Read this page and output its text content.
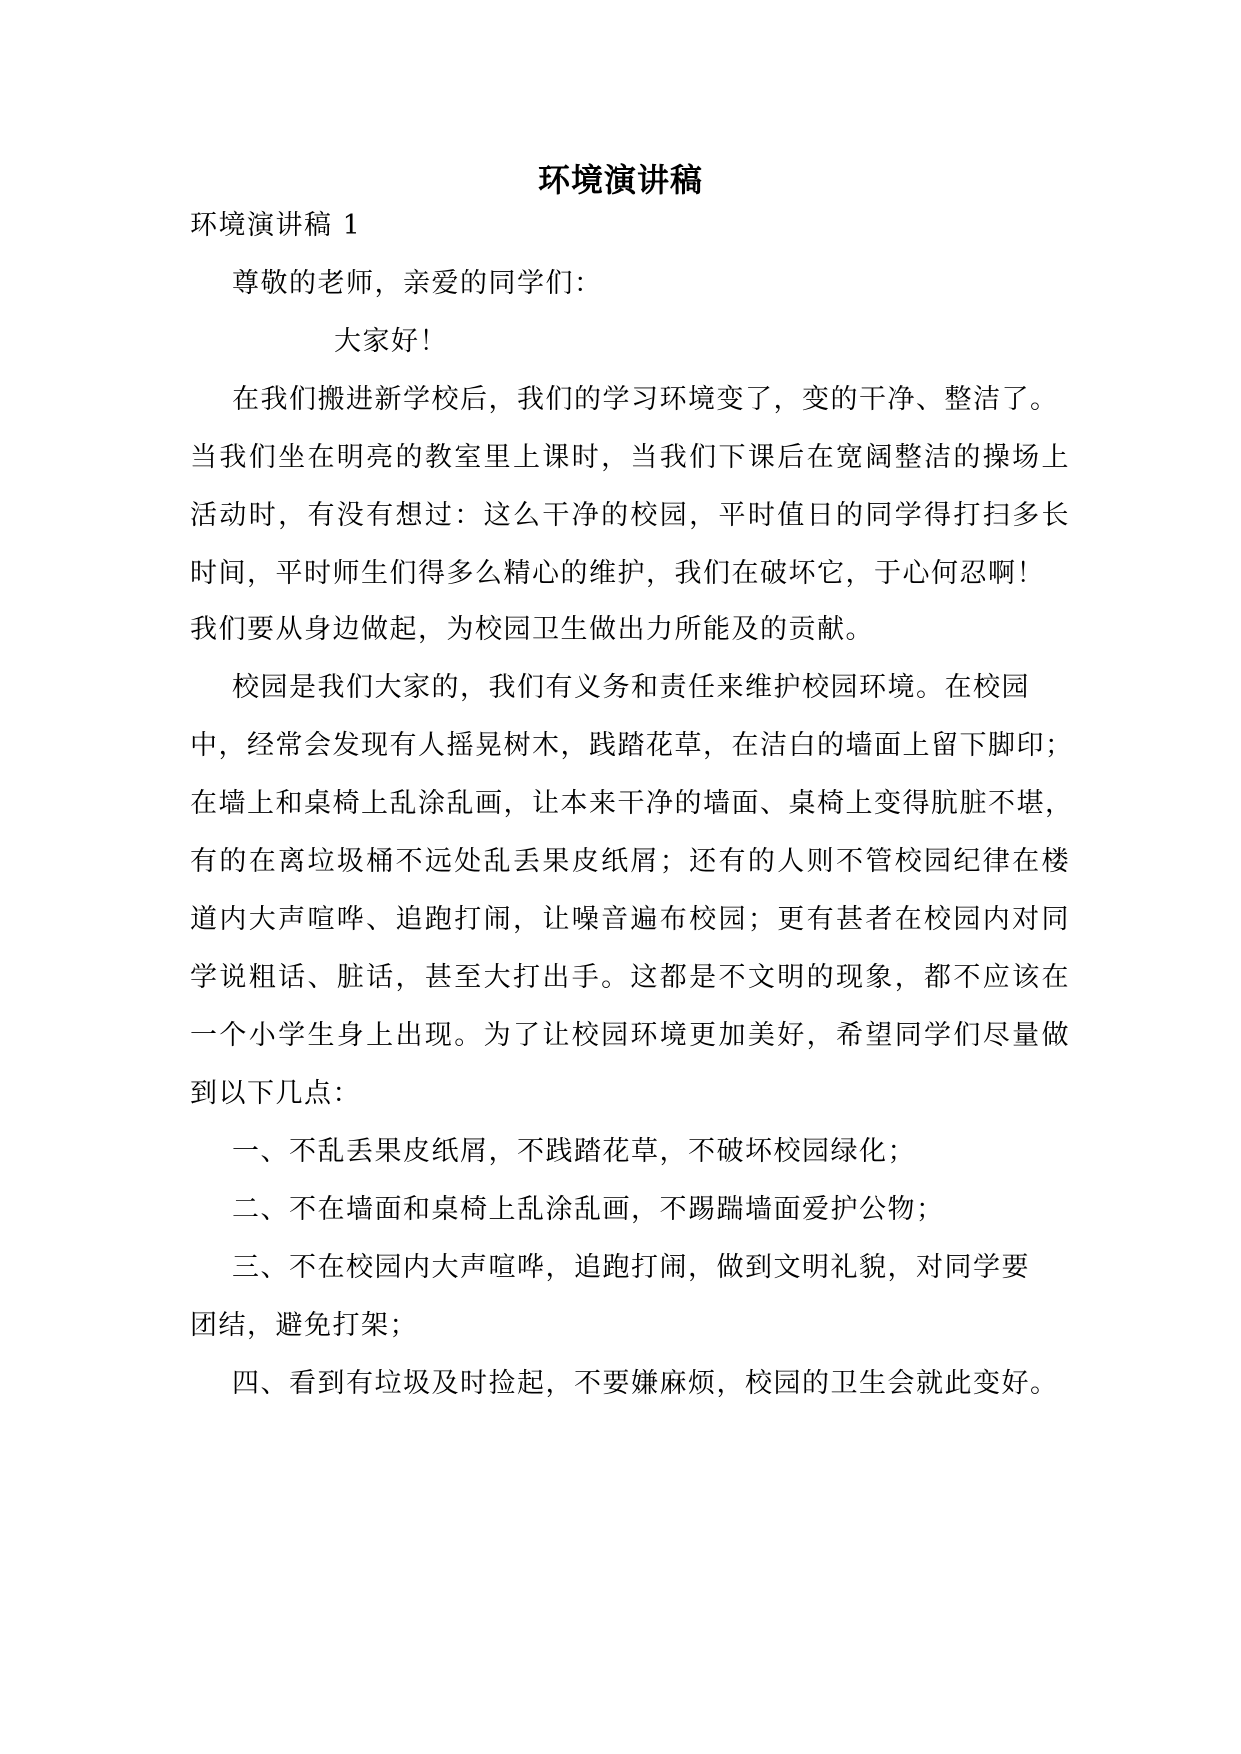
环境演讲稿
环境演讲稿 1
尊敬的老师，亲爱的同学们：
大家好！
在我们搬进新学校后，我们的学习环境变了，变的干净、整洁了。
当我们坐在明亮的教室里上课时，当我们下课后在宽阔整洁的操场上
活动时，有没有想过：这么干净的校园，平时值日的同学得打扫多长
时间，平时师生们得多么精心的维护，我们在破坏它，于心何忍啊！
我们要从身边做起，为校园卫生做出力所能及的贡献。
校园是我们大家的，我们有义务和责任来维护校园环境。在校园
中，经常会发现有人摇晃树木，践踏花草，在洁白的墙面上留下脚印；
在墙上和桌椅上乱涂乱画，让本来干净的墙面、桌椅上变得肮脏不堪，
有的在离垃圾桶不远处乱丢果皮纸屑；还有的人则不管校园纪律在楼
道内大声喧哗、追跑打闹，让噪音遍布校园；更有甚者在校园内对同
学说粗话、脏话，甚至大打出手。这都是不文明的现象，都不应该在
一个小学生身上出现。为了让校园环境更加美好，希望同学们尽量做
到以下几点：
一、不乱丢果皮纸屑，不践踏花草，不破坏校园绿化；
二、不在墙面和桌椅上乱涂乱画，不踢踹墙面爱护公物；
三、不在校园内大声喧哗，追跑打闹，做到文明礼貌，对同学要
团结，避免打架；
四、看到有垃圾及时捡起，不要嫌麻烦，校园的卫生会就此变好。
